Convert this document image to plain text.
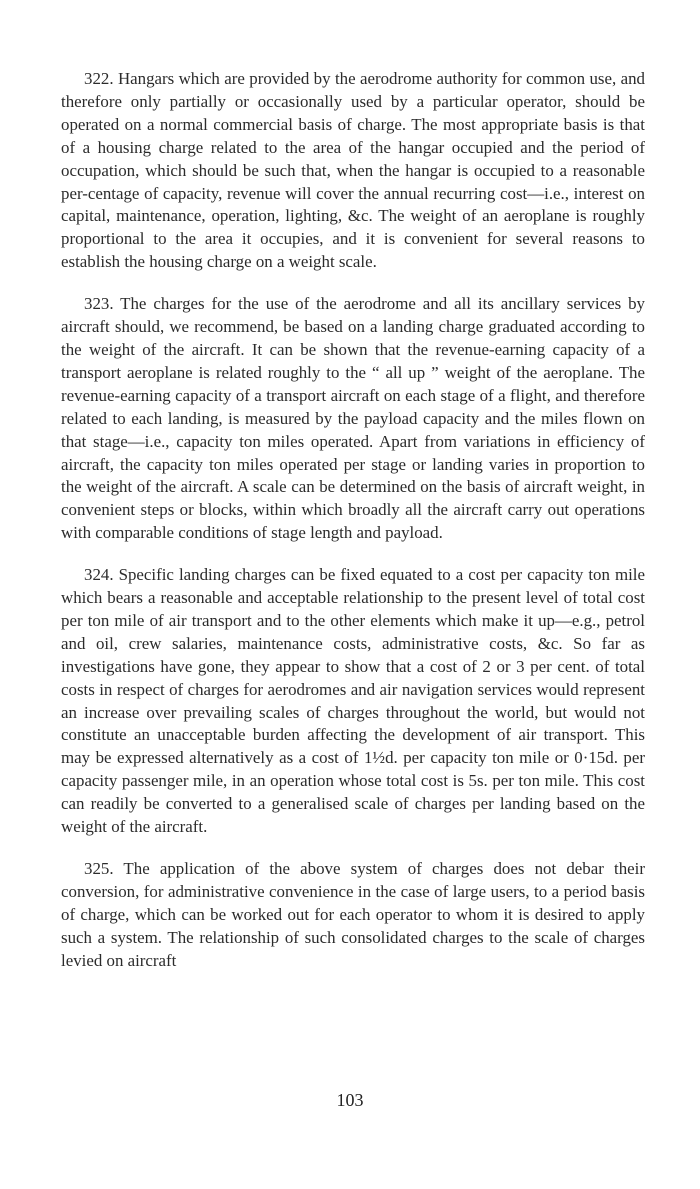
322. Hangars which are provided by the aerodrome authority for common use, and therefore only partially or occasionally used by a particular operator, should be operated on a normal commercial basis of charge. The most appropriate basis is that of a housing charge related to the area of the hangar occupied and the period of occupation, which should be such that, when the hangar is occupied to a reasonable per-centage of capacity, revenue will cover the annual recurring cost—i.e., interest on capital, maintenance, operation, lighting, &c. The weight of an aeroplane is roughly proportional to the area it occupies, and it is convenient for several reasons to establish the housing charge on a weight scale.

323. The charges for the use of the aerodrome and all its ancillary services by aircraft should, we recommend, be based on a landing charge graduated according to the weight of the aircraft. It can be shown that the revenue-earning capacity of a transport aeroplane is related roughly to the “ all up ” weight of the aeroplane. The revenue-earning capacity of a transport aircraft on each stage of a flight, and therefore related to each landing, is measured by the payload capacity and the miles flown on that stage—i.e., capacity ton miles operated. Apart from variations in efficiency of aircraft, the capacity ton miles operated per stage or landing varies in proportion to the weight of the aircraft. A scale can be determined on the basis of aircraft weight, in convenient steps or blocks, within which broadly all the aircraft carry out operations with comparable conditions of stage length and payload.

324. Specific landing charges can be fixed equated to a cost per capacity ton mile which bears a reasonable and acceptable relationship to the present level of total cost per ton mile of air transport and to the other elements which make it up—e.g., petrol and oil, crew salaries, maintenance costs, administrative costs, &c. So far as investigations have gone, they appear to show that a cost of 2 or 3 per cent. of total costs in respect of charges for aerodromes and air navigation services would represent an increase over prevailing scales of charges throughout the world, but would not constitute an unacceptable burden affecting the development of air transport. This may be expressed alternatively as a cost of 1½d. per capacity ton mile or 0·15d. per capacity passenger mile, in an operation whose total cost is 5s. per ton mile. This cost can readily be converted to a generalised scale of charges per landing based on the weight of the aircraft.

325. The application of the above system of charges does not debar their conversion, for administrative convenience in the case of large users, to a period basis of charge, which can be worked out for each operator to whom it is desired to apply such a system. The relationship of such consolidated charges to the scale of charges levied on aircraft

103
